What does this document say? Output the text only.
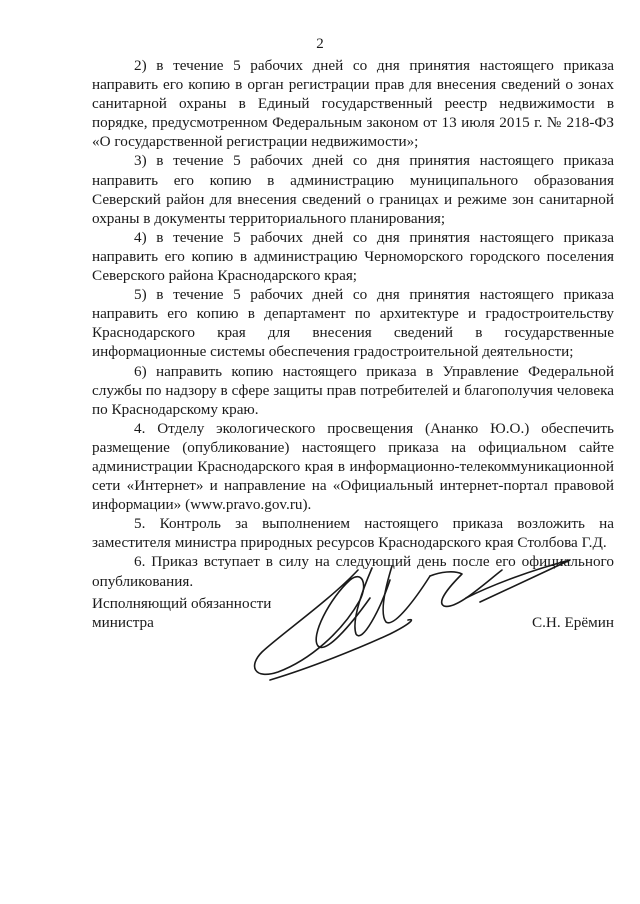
2

2) в течение 5 рабочих дней со дня принятия настоящего приказа направить его копию в орган регистрации прав для внесения сведений о зонах санитарной охраны в Единый государственный реестр недвижимости в порядке, предусмотренном Федеральным законом от 13 июля 2015 г. № 218-ФЗ «О государственной регистрации недвижимости»;

3) в течение 5 рабочих дней со дня принятия настоящего приказа направить его копию в администрацию муниципального образования Северский район для внесения сведений о границах и режиме зон санитарной охраны в документы территориального планирования;

4) в течение 5 рабочих дней со дня принятия настоящего приказа направить его копию в администрацию Черноморского городского поселения Северского района Краснодарского края;

5) в течение 5 рабочих дней со дня принятия настоящего приказа направить его копию в департамент по архитектуре и градостроительству Краснодарского края для внесения сведений в государственные информационные системы обеспечения градостроительной деятельности;

6) направить копию настоящего приказа в Управление Федеральной службы по надзору в сфере защиты прав потребителей и благополучия человека по Краснодарскому краю.

4. Отделу экологического просвещения (Ананко Ю.О.) обеспечить размещение (опубликование) настоящего приказа на официальном сайте администрации Краснодарского края в информационно-телекоммуникационной сети «Интернет» и направление на «Официальный интернет-портал правовой информации» (www.pravo.gov.ru).

5. Контроль за выполнением настоящего приказа возложить на заместителя министра природных ресурсов Краснодарского края Столбова Г.Д.

6. Приказ вступает в силу на следующий день после его официального опубликования.

Исполняющий обязанности
министра	С.Н. Ерёмин
